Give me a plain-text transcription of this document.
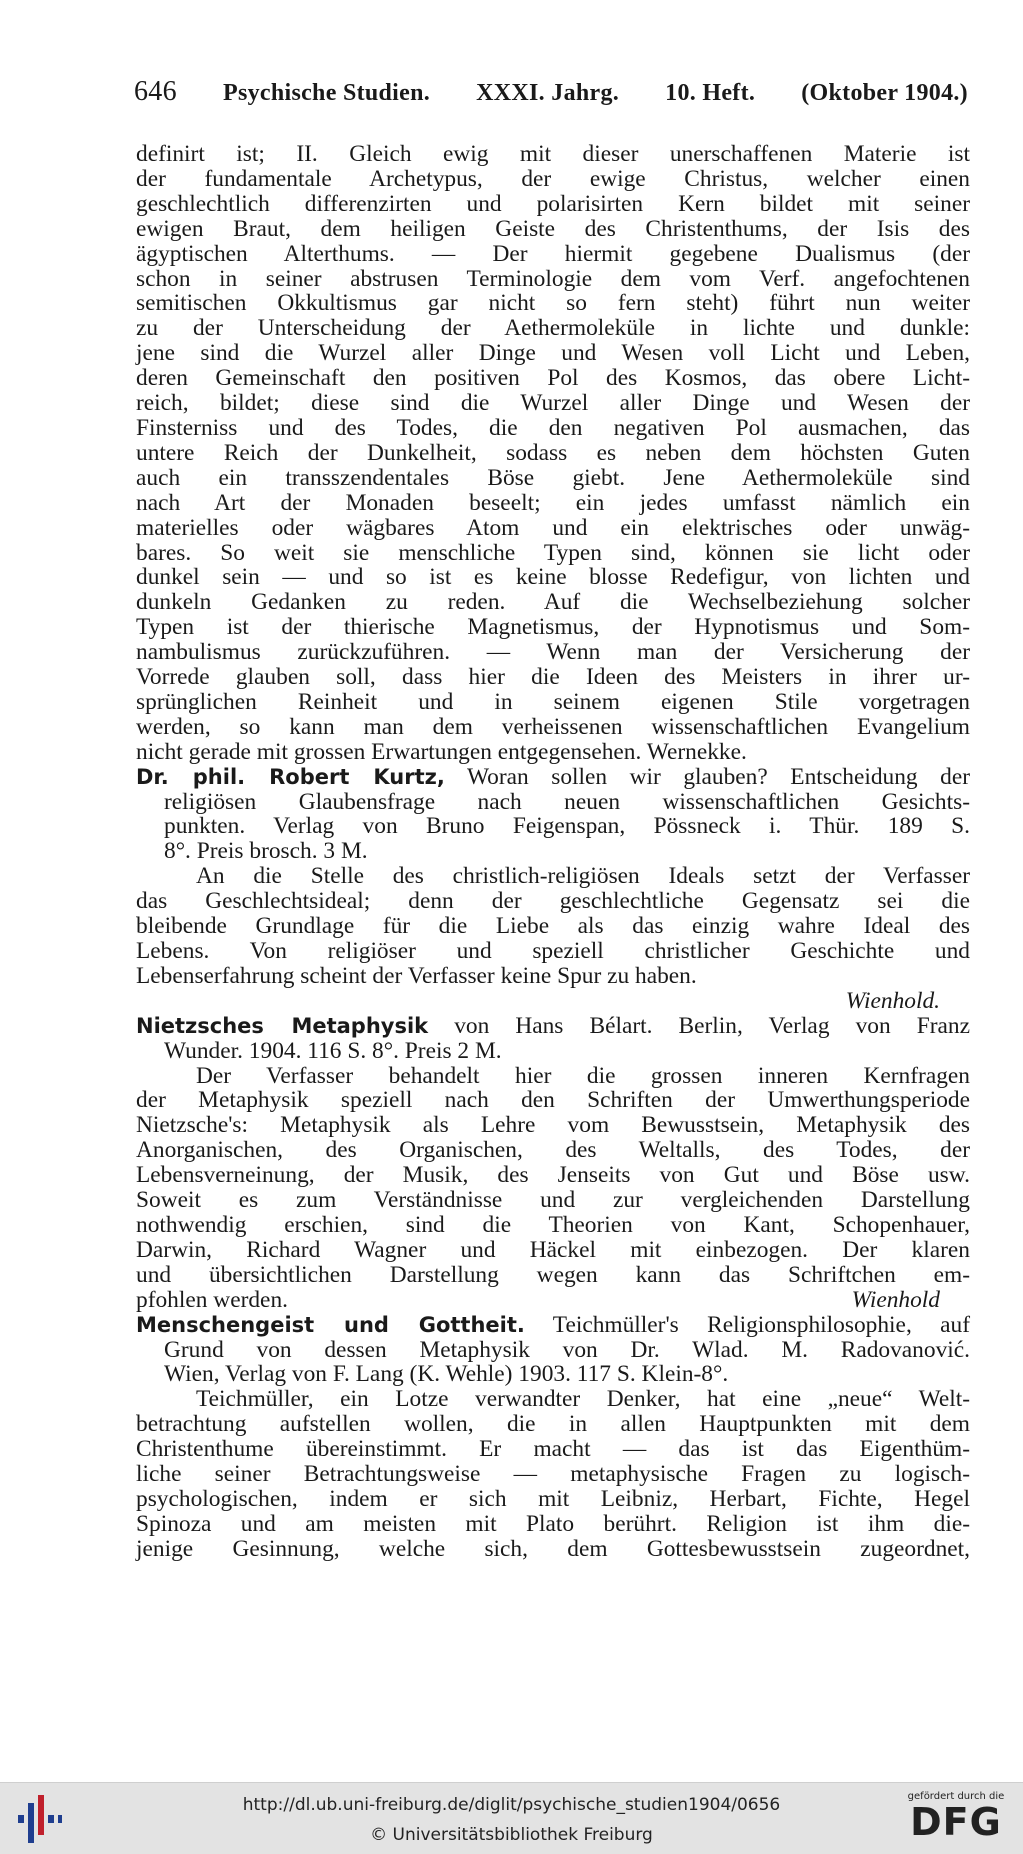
646 Psychische Studien. XXXI. Jahrg. 10. Heft. (Oktober 1904.)
definirt ist; II. Gleich ewig mit dieser unerschaffenen Materie ist
der fundamentale Archetypus, der ewige Christus, welcher einen
geschlechtlich differenzirten und polarisirten Kern bildet mit seiner
ewigen Braut, dem heiligen Geiste des Christenthums, der Isis des
ägyptischen Alterthums. — Der hiermit gegebene Dualismus (der
schon in seiner abstrusen Terminologie dem vom Verf. angefochtenen
semitischen Okkultismus gar nicht so fern steht) führt nun weiter
zu der Unterscheidung der Aethermoleküle in lichte und dunkle:
jene sind die Wurzel aller Dinge und Wesen voll Licht und Leben,
deren Gemeinschaft den positiven Pol des Kosmos, das obere Licht-
reich, bildet; diese sind die Wurzel aller Dinge und Wesen der
Finsterniss und des Todes, die den negativen Pol ausmachen, das
untere Reich der Dunkelheit, sodass es neben dem höchsten Guten
auch ein transszendentales Böse giebt. Jene Aethermoleküle sind
nach Art der Monaden beseelt; ein jedes umfasst nämlich ein
materielles oder wägbares Atom und ein elektrisches oder unwäg-
bares. So weit sie menschliche Typen sind, können sie licht oder
dunkel sein — und so ist es keine blosse Redefigur, von lichten und
dunkeln Gedanken zu reden. Auf die Wechselbeziehung solcher
Typen ist der thierische Magnetismus, der Hypnotismus und Som-
nambulismus zurückzuführen. — Wenn man der Versicherung der
Vorrede glauben soll, dass hier die Ideen des Meisters in ihrer ur-
sprünglichen Reinheit und in seinem eigenen Stile vorgetragen
werden, so kann man dem verheissenen wissenschaftlichen Evangelium
nicht gerade mit grossen Erwartungen entgegensehen. Wernekke.
Dr. phil. Robert Kurtz, Woran sollen wir glauben? Entscheidung der
religiösen Glaubensfrage nach neuen wissenschaftlichen Gesichts-
punkten. Verlag von Bruno Feigenspan, Pössneck i. Thür. 189 S.
8°. Preis brosch. 3 M.
An die Stelle des christlich-religiösen Ideals setzt der Verfasser
das Geschlechtsideal; denn der geschlechtliche Gegensatz sei die
bleibende Grundlage für die Liebe als das einzig wahre Ideal des
Lebens. Von religiöser und speziell christlicher Geschichte und
Lebenserfahrung scheint der Verfasser keine Spur zu haben.
Wienhold.
Nietzsches Metaphysik von Hans Bélart. Berlin, Verlag von Franz
Wunder. 1904. 116 S. 8°. Preis 2 M.
Der Verfasser behandelt hier die grossen inneren Kernfragen
der Metaphysik speziell nach den Schriften der Umwerthungsperiode
Nietzsche's: Metaphysik als Lehre vom Bewusstsein, Metaphysik des
Anorganischen, des Organischen, des Weltalls, des Todes, der
Lebensverneinung, der Musik, des Jenseits von Gut und Böse usw.
Soweit es zum Verständnisse und zur vergleichenden Darstellung
nothwendig erschien, sind die Theorien von Kant, Schopenhauer,
Darwin, Richard Wagner und Häckel mit einbezogen. Der klaren
und übersichtlichen Darstellung wegen kann das Schriftchen em-
pfohlen werden.	Wienhold
Menschengeist und Gottheit. Teichmüller's Religionsphilosophie, auf
Grund von dessen Metaphysik von Dr. Wlad. M. Radovanović.
Wien, Verlag von F. Lang (K. Wehle) 1903. 117 S. Klein-8°.
Teichmüller, ein Lotze verwandter Denker, hat eine „neue“ Welt-
betrachtung aufstellen wollen, die in allen Hauptpunkten mit dem
Christenthume übereinstimmt. Er macht — das ist das Eigenthüm-
liche seiner Betrachtungsweise — metaphysische Fragen zu logisch-
psychologischen, indem er sich mit Leibniz, Herbart, Fichte, Hegel
Spinoza und am meisten mit Plato berührt. Religion ist ihm die-
jenige Gesinnung, welche sich, dem Gottesbewusstsein zugeordnet,
http://dl.ub.uni-freiburg.de/diglit/psychische_studien1904/0656
© Universitätsbibliothek Freiburg
gefördert durch die
DFG
